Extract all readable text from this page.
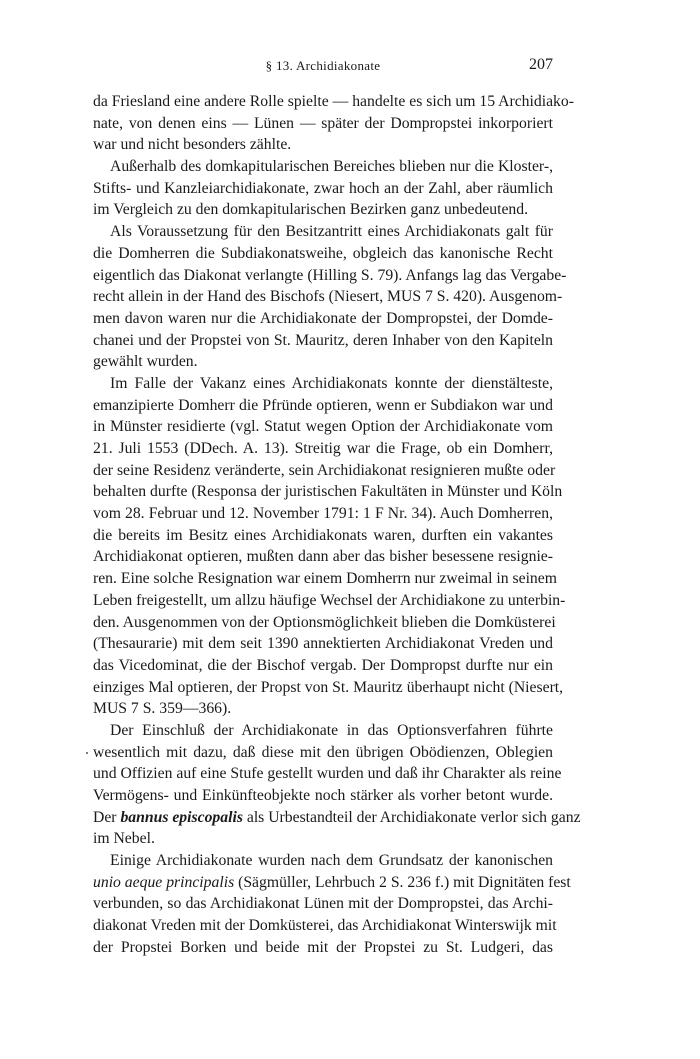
§ 13. Archidiakonate	207
da Friesland eine andere Rolle spielte — handelte es sich um 15 Archidiako-
nate, von denen eins — Lünen — später der Dompropstei inkorporiert
war und nicht besonders zählte.
Außerhalb des domkapitularischen Bereiches blieben nur die Kloster-,
Stifts- und Kanzleiarchidiakonate, zwar hoch an der Zahl, aber räumlich
im Vergleich zu den domkapitularischen Bezirken ganz unbedeutend.
Als Voraussetzung für den Besitzantritt eines Archidiakonats galt für
die Domherren die Subdiakonatsweihe, obgleich das kanonische Recht
eigentlich das Diakonat verlangte (Hilling S. 79). Anfangs lag das Vergabe-
recht allein in der Hand des Bischofs (Niesert, MUS 7 S. 420). Ausgenom-
men davon waren nur die Archidiakonate der Dompropstei, der Domde-
chanei und der Propstei von St. Mauritz, deren Inhaber von den Kapiteln
gewählt wurden.
Im Falle der Vakanz eines Archidiakonats konnte der dienstälteste,
emanzipierte Domherr die Pfründe optieren, wenn er Subdiakon war und
in Münster residierte (vgl. Statut wegen Option der Archidiakonate vom
21. Juli 1553 (DDech. A. 13). Streitig war die Frage, ob ein Domherr,
der seine Residenz veränderte, sein Archidiakonat resignieren mußte oder
behalten durfte (Responsa der juristischen Fakultäten in Münster und Köln
vom 28. Februar und 12. November 1791: 1 F Nr. 34). Auch Domherren,
die bereits im Besitz eines Archidiakonats waren, durften ein vakantes
Archidiakonat optieren, mußten dann aber das bisher besessene resignie-
ren. Eine solche Resignation war einem Domherrn nur zweimal in seinem
Leben freigestellt, um allzu häufige Wechsel der Archidiakone zu unterbin-
den. Ausgenommen von der Optionsmöglichkeit blieben die Domküsterei
(Thesaurarie) mit dem seit 1390 annektierten Archidiakonat Vreden und
das Vicedominat, die der Bischof vergab. Der Dompropst durfte nur ein
einziges Mal optieren, der Propst von St. Mauritz überhaupt nicht (Niesert,
MUS 7 S. 359—366).
Der Einschluß der Archidiakonate in das Optionsverfahren führte
wesentlich mit dazu, daß diese mit den übrigen Obödienzen, Oblegien
und Offizien auf eine Stufe gestellt wurden und daß ihr Charakter als reine
Vermögens- und Einkünfteobjekte noch stärker als vorher betont wurde.
Der bannus episcopalis als Urbestandteil der Archidiakonate verlor sich ganz
im Nebel.
Einige Archidiakonate wurden nach dem Grundsatz der kanonischen
unio aeque principalis (Sägmüller, Lehrbuch 2 S. 236 f.) mit Dignitäten fest
verbunden, so das Archidiakonat Lünen mit der Dompropstei, das Archi-
diakonat Vreden mit der Domküsterei, das Archidiakonat Winterswijk mit
der Propstei Borken und beide mit der Propstei zu St. Ludgeri, das
